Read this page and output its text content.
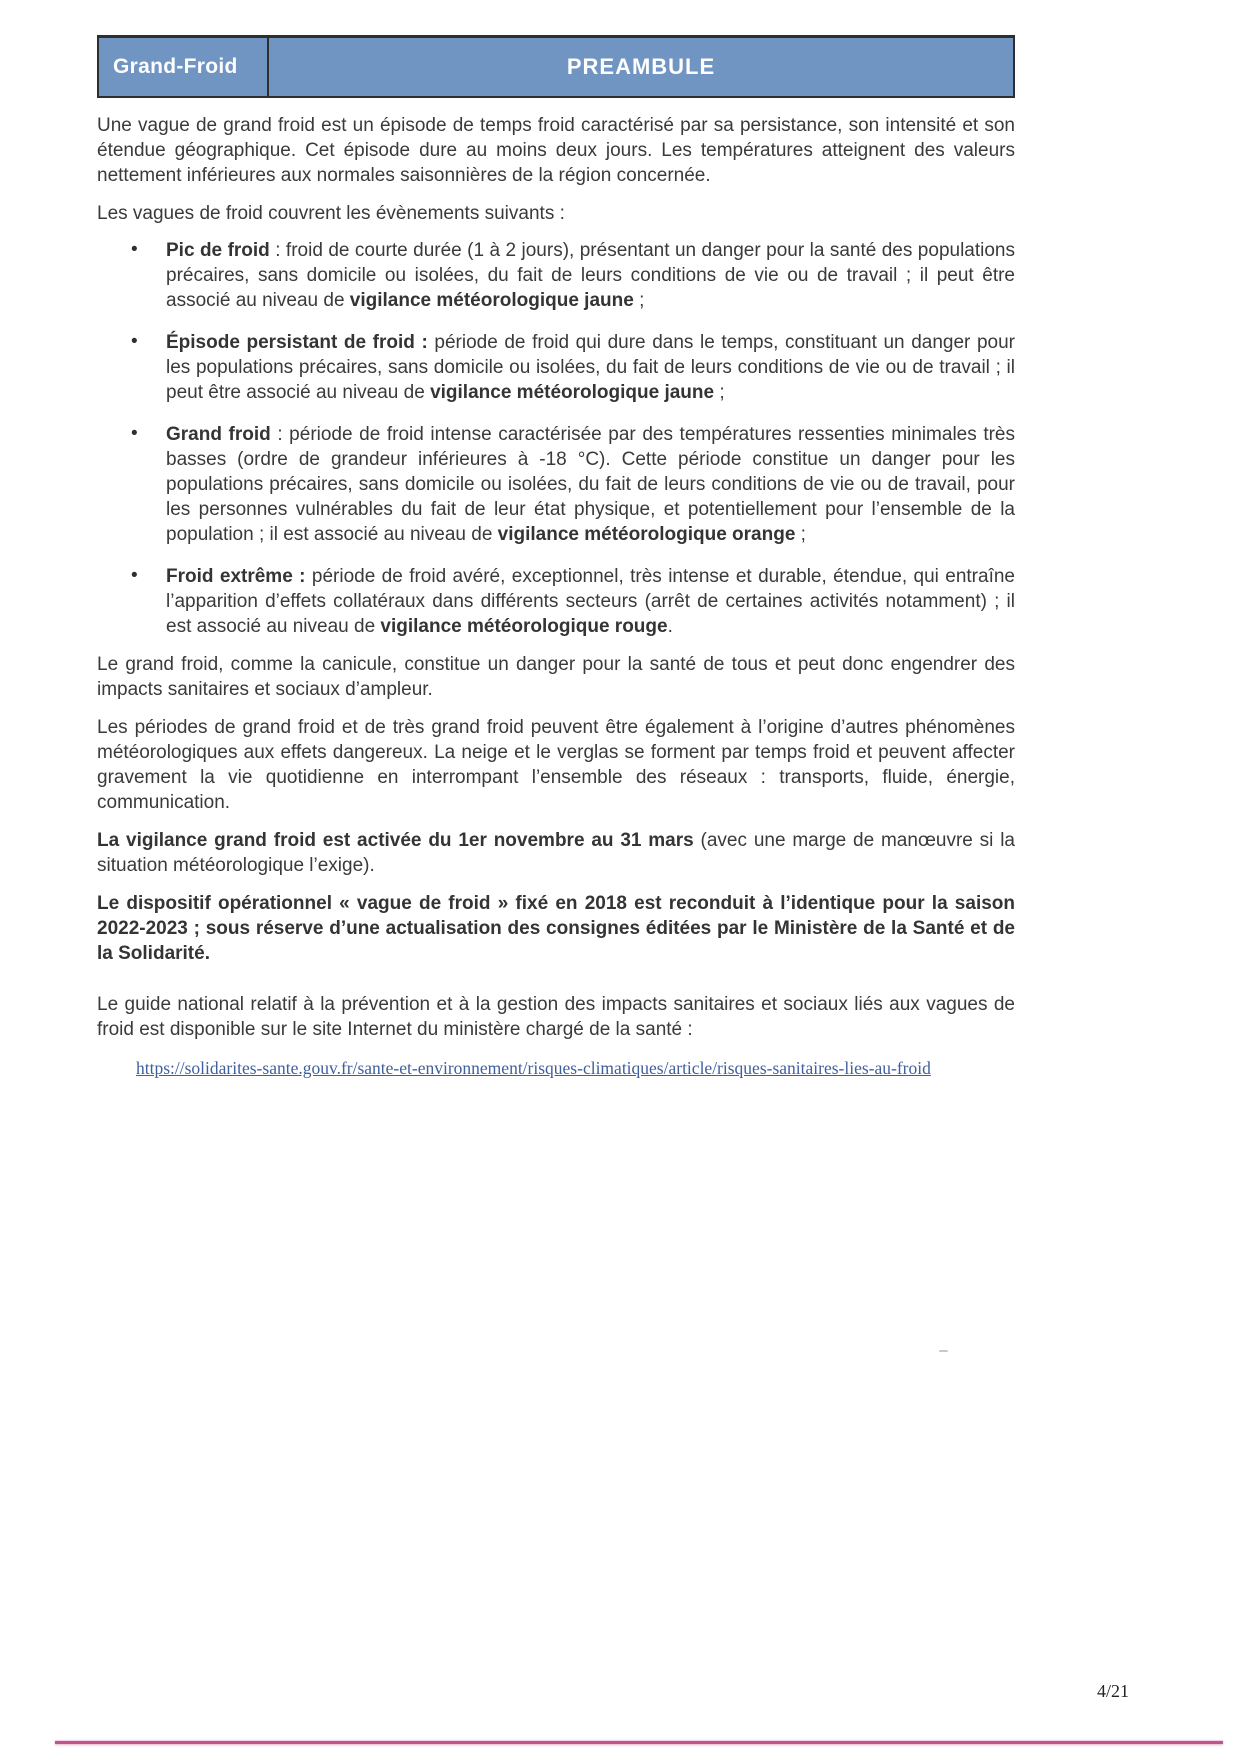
Grand-Froid	PREAMBULE

Une vague de grand froid est un épisode de temps froid caractérisé par sa persistance, son intensité et son étendue géographique. Cet épisode dure au moins deux jours. Les températures atteignent des valeurs nettement inférieures aux normales saisonnières de la région concernée.

Les vagues de froid couvrent les évènements suivants :

• Pic de froid : froid de courte durée (1 à 2 jours), présentant un danger pour la santé des populations précaires, sans domicile ou isolées, du fait de leurs conditions de vie ou de travail ; il peut être associé au niveau de vigilance météorologique jaune ;
• Épisode persistant de froid : période de froid qui dure dans le temps, constituant un danger pour les populations précaires, sans domicile ou isolées, du fait de leurs conditions de vie ou de travail ; il peut être associé au niveau de vigilance météorologique jaune ;
• Grand froid : période de froid intense caractérisée par des températures ressenties minimales très basses (ordre de grandeur inférieures à -18 °C). Cette période constitue un danger pour les populations précaires, sans domicile ou isolées, du fait de leurs conditions de vie ou de travail, pour les personnes vulnérables du fait de leur état physique, et potentiellement pour l’ensemble de la population ; il est associé au niveau de vigilance météorologique orange ;
• Froid extrême : période de froid avéré, exceptionnel, très intense et durable, étendue, qui entraîne l’apparition d’effets collatéraux dans différents secteurs (arrêt de certaines activités notamment) ; il est associé au niveau de vigilance météorologique rouge.

Le grand froid, comme la canicule, constitue un danger pour la santé de tous et peut donc engendrer des impacts sanitaires et sociaux d’ampleur.

Les périodes de grand froid et de très grand froid peuvent être également à l’origine d’autres phénomènes météorologiques aux effets dangereux. La neige et le verglas se forment par temps froid et peuvent affecter gravement la vie quotidienne en interrompant l’ensemble des réseaux : transports, fluide, énergie, communication.

La vigilance grand froid est activée du 1er novembre au 31 mars (avec une marge de manœuvre si la situation météorologique l’exige).

Le dispositif opérationnel « vague de froid » fixé en 2018 est reconduit à l’identique pour la saison 2022-2023 ; sous réserve d’une actualisation des consignes éditées par le Ministère de la Santé et de la Solidarité.

Le guide national relatif à la prévention et à la gestion des impacts sanitaires et sociaux liés aux vagues de froid est disponible sur le site Internet du ministère chargé de la santé :

https://solidarites-sante.gouv.fr/sante-et-environnement/risques-climatiques/article/risques-sanitaires-lies-au-froid

4/21
